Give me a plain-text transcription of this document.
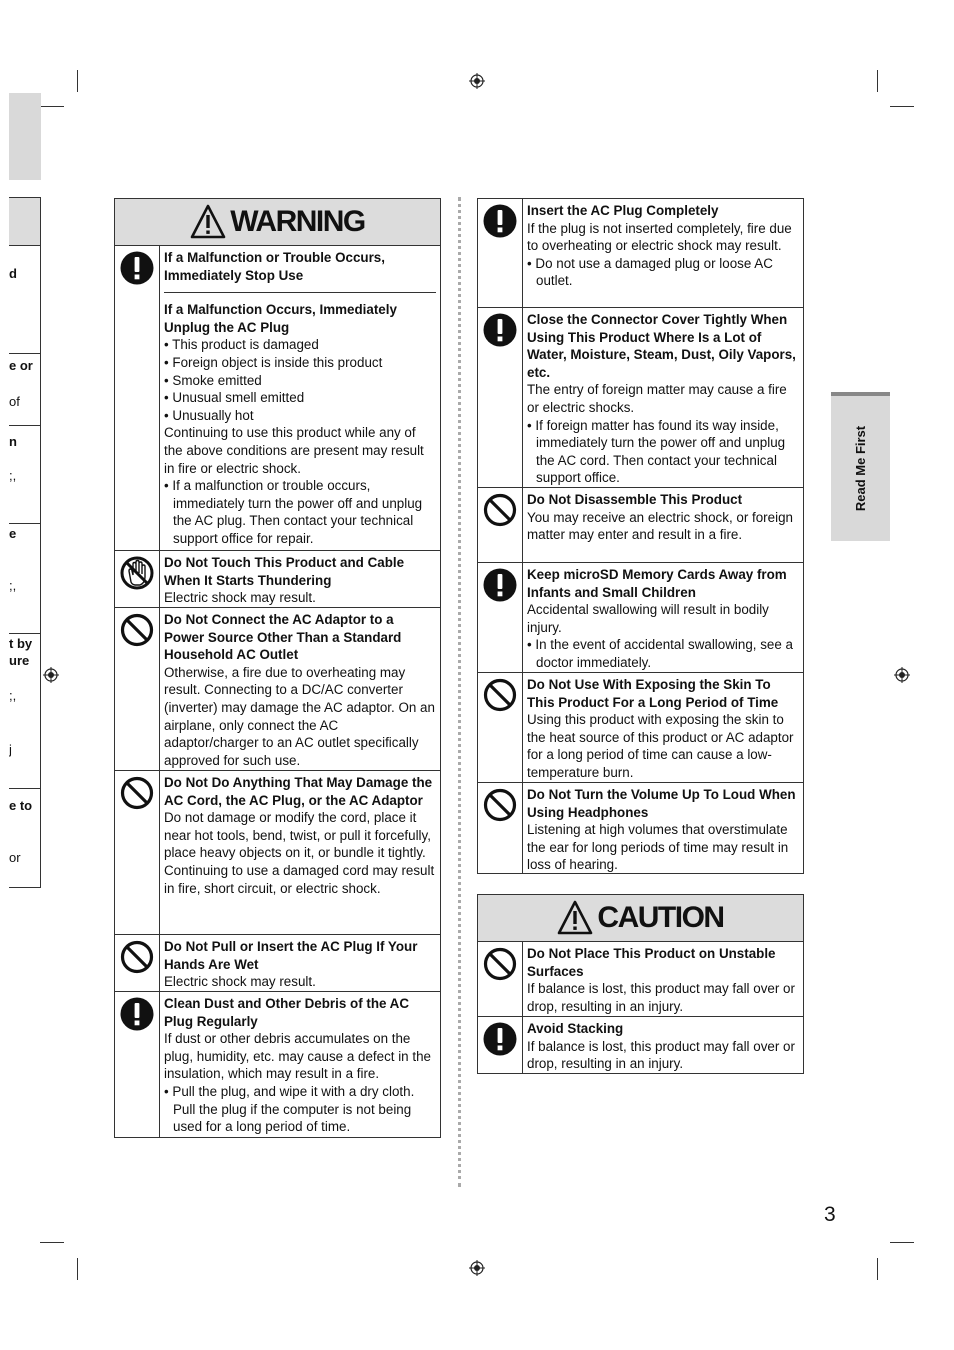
d
e or
of
n
;,
e
;,
t by
ure
;,
j
e to
or
WARNING
If a Malfunction or Trouble Occurs, Immediately Stop Use
If a Malfunction Occurs, Immediately Unplug the AC Plug
• This product is damaged
• Foreign object is inside this product
• Smoke emitted
• Unusual smell emitted
• Unusually hot
Continuing to use this product while any of the above conditions are present may result in fire or electric shock.
• If a malfunction or trouble occurs, immediately turn the power off and unplug the AC plug. Then contact your technical support office for repair.
Do Not Touch This Product and Cable When It Starts Thundering
Electric shock may result.
Do Not Connect the AC Adaptor to a Power Source Other Than a Standard Household AC Outlet
Otherwise, a fire due to overheating may result. Connecting to a DC/AC converter (inverter) may damage the AC adaptor. On an airplane, only connect the AC adaptor/charger to an AC outlet specifically approved for such use.
Do Not Do Anything That May Damage the AC Cord, the AC Plug, or the AC Adaptor
Do not damage or modify the cord, place it near hot tools, bend, twist, or pull it forcefully, place heavy objects on it, or bundle it tightly. Continuing to use a damaged cord may result in fire, short circuit, or electric shock.
Do Not Pull or Insert the AC Plug If Your Hands Are Wet
Electric shock may result.
Clean Dust and Other Debris of the AC Plug Regularly
If dust or other debris accumulates on the plug, humidity, etc. may cause a defect in the insulation, which may result in a fire.
• Pull the plug, and wipe it with a dry cloth. Pull the plug if the computer is not being used for a long period of time.
Insert the AC Plug Completely
If the plug is not inserted completely, fire due to overheating or electric shock may result.
• Do not use a damaged plug or loose AC outlet.
Close the Connector Cover Tightly When Using This Product Where Is a Lot of Water, Moisture, Steam, Dust, Oily Vapors, etc.
The entry of foreign matter may cause a fire or electric shocks.
• If foreign matter has found its way inside, immediately turn the power off and unplug the AC cord. Then contact your technical support office.
Do Not Disassemble This Product
You may receive an electric shock, or foreign matter may enter and result in a fire.
Keep microSD Memory Cards Away from Infants and Small Children
Accidental swallowing will result in bodily injury.
• In the event of accidental swallowing, see a doctor immediately.
Do Not Use With Exposing the Skin To This Product For a Long Period of Time
Using this product with exposing the skin to the heat source of this product or AC adaptor for a long period of time can cause a low-temperature burn.
Do Not Turn the Volume Up To Loud When Using Headphones
Listening at high volumes that overstimulate the ear for long periods of time may result in loss of hearing.
CAUTION
Do Not Place This Product on Unstable Surfaces
If balance is lost, this product may fall over or drop, resulting in an injury.
Avoid Stacking
If balance is lost, this product may fall over or drop, resulting in an injury.
Read Me First
3
